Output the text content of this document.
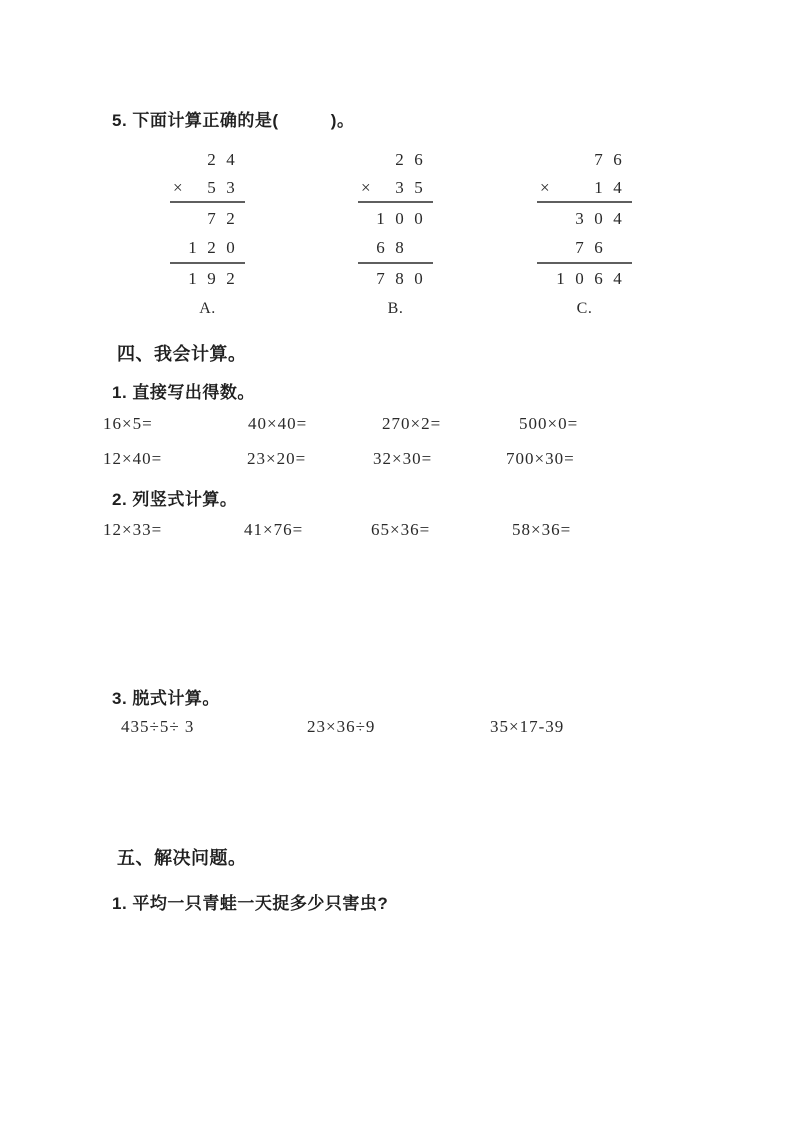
5. 下面计算正确的是(          )。
2 4
×	5 3
7 2
1 2 0
1 9 2
A.
2 6
×	3 5
1 0 0
6 8
7 8 0
B.
7 6
×	1 4
3 0 4
7 6
1 0 6 4
C.
四、我会计算。
1. 直接写出得数。
16×5=	40×40=	270×2=	500×0=
12×40=	23×20=	32×30=	700×30=
12×33=	41×76=	65×36=	58×36=
435÷5÷ 3	23×36÷9	35×17-39
2. 列竖式计算。
3. 脱式计算。
五、解决问题。
1. 平均一只青蛙一天捉多少只害虫?
